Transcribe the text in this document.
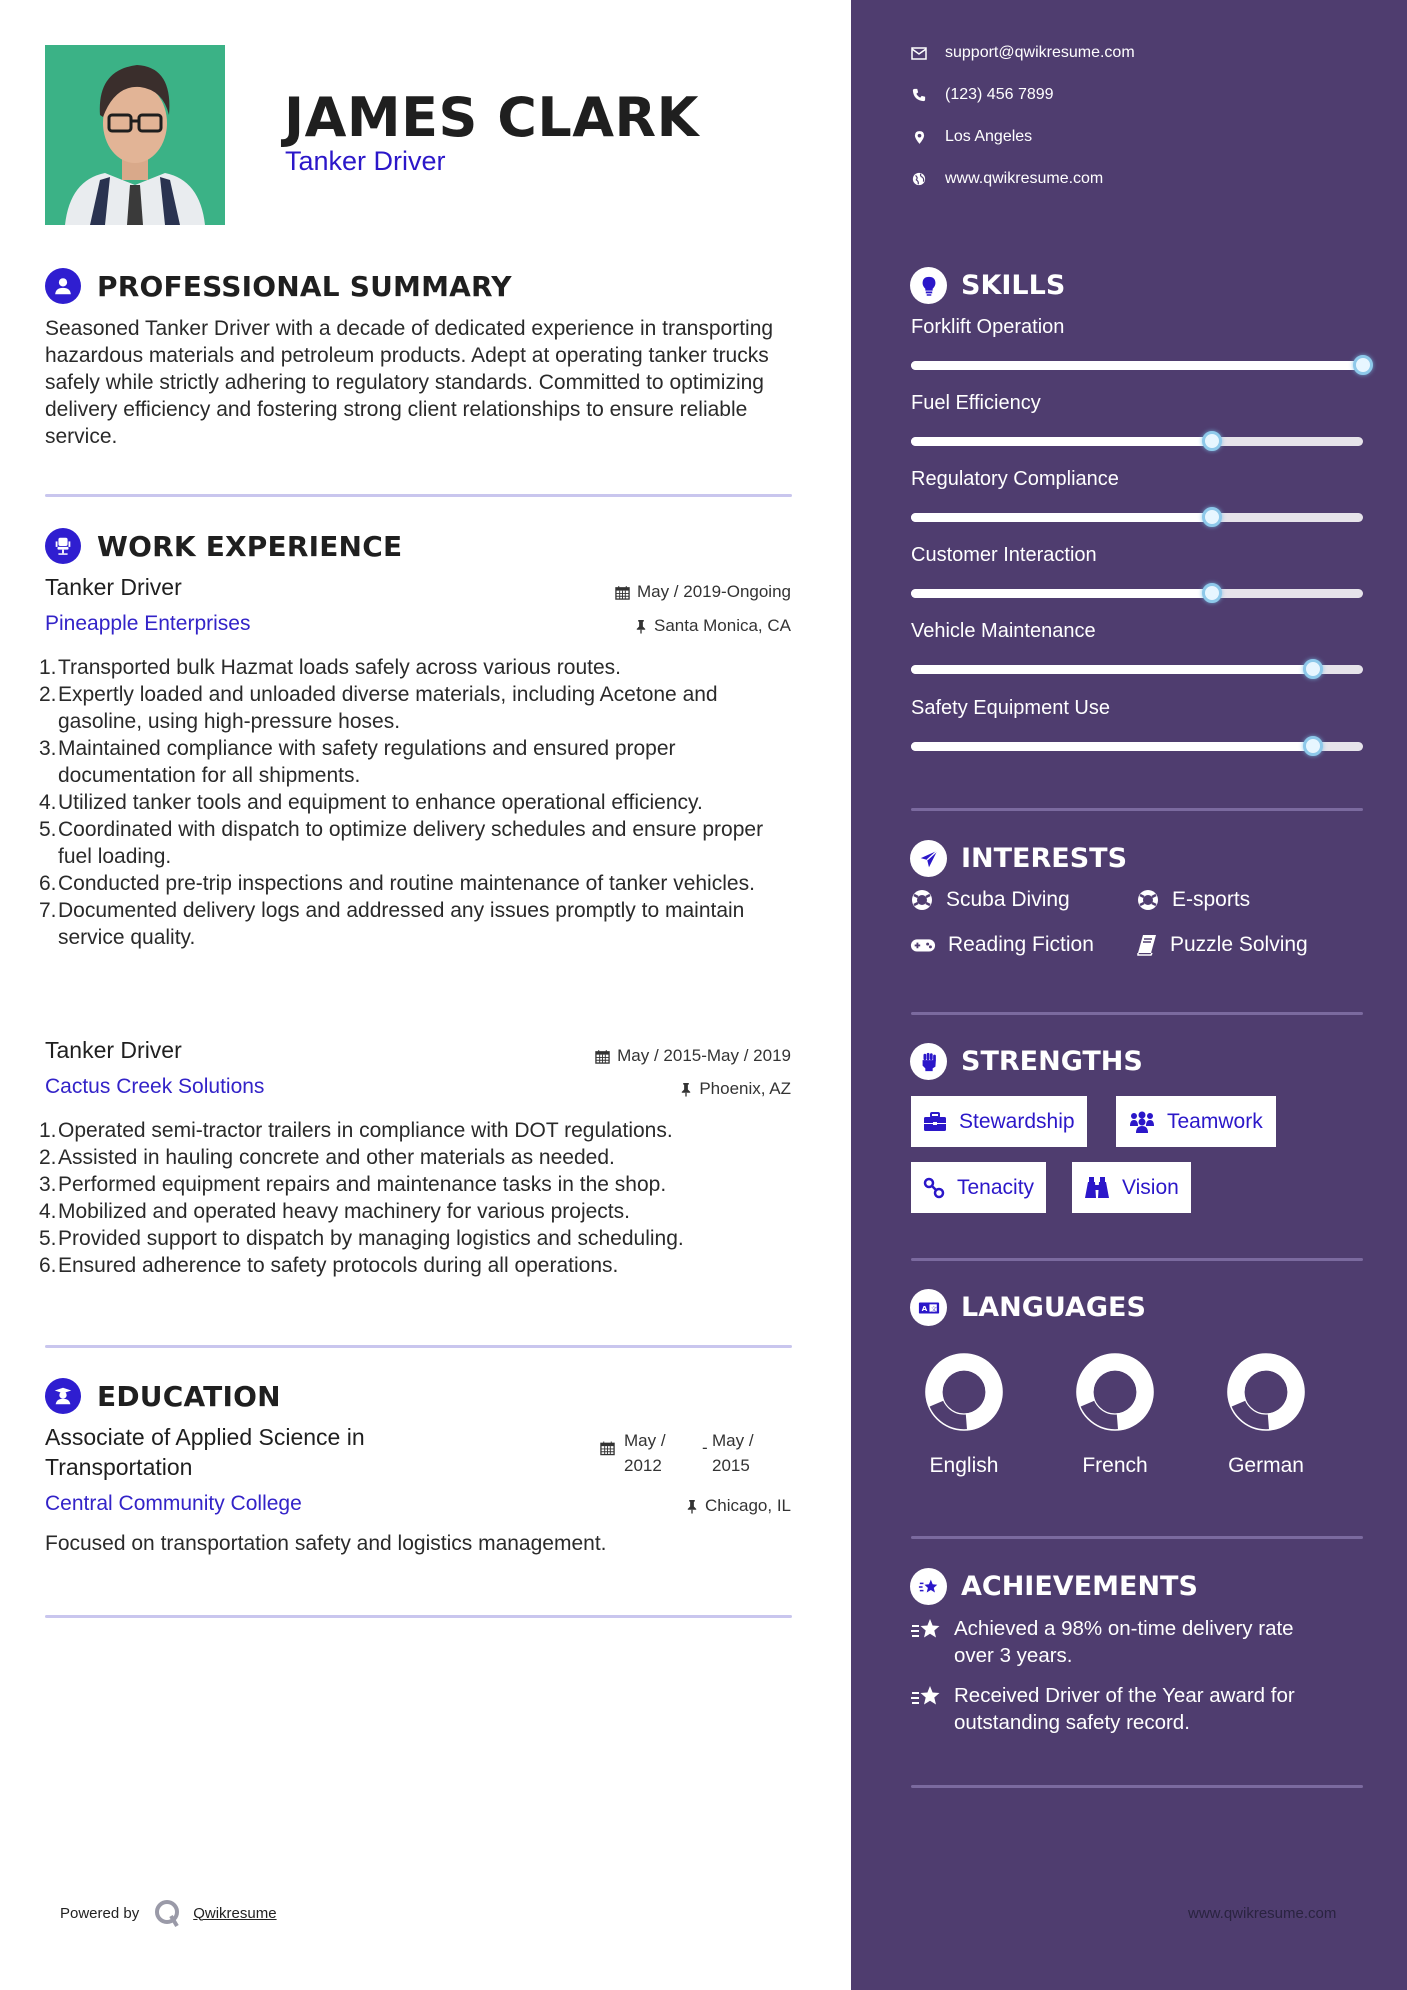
JAMES CLARK
Tanker Driver
PROFESSIONAL SUMMARY
Seasoned Tanker Driver with a decade of dedicated experience in transporting hazardous materials and petroleum products. Adept at operating tanker trucks safely while strictly adhering to regulatory standards. Committed to optimizing delivery efficiency and fostering strong client relationships to ensure reliable service.
WORK EXPERIENCE
Tanker Driver	May / 2019-Ongoing
Pineapple Enterprises	Santa Monica, CA
1. Transported bulk Hazmat loads safely across various routes.
2. Expertly loaded and unloaded diverse materials, including Acetone and gasoline, using high-pressure hoses.
3. Maintained compliance with safety regulations and ensured proper documentation for all shipments.
4. Utilized tanker tools and equipment to enhance operational efficiency.
5. Coordinated with dispatch to optimize delivery schedules and ensure proper fuel loading.
6. Conducted pre-trip inspections and routine maintenance of tanker vehicles.
7. Documented delivery logs and addressed any issues promptly to maintain service quality.
Tanker Driver	May / 2015-May / 2019
Cactus Creek Solutions	Phoenix, AZ
1. Operated semi-tractor trailers in compliance with DOT regulations.
2. Assisted in hauling concrete and other materials as needed.
3. Performed equipment repairs and maintenance tasks in the shop.
4. Mobilized and operated heavy machinery for various projects.
5. Provided support to dispatch by managing logistics and scheduling.
6. Ensured adherence to safety protocols during all operations.
EDUCATION
Associate of Applied Science in
Transportation
May /
2012
- May /
2015
Central Community College	Chicago, IL
Focused on transportation safety and logistics management.
Powered by	Qwikresume
support@qwikresume.com
(123) 456 7899
Los Angeles
www.qwikresume.com
SKILLS
Forklift Operation
Fuel Efficiency
Regulatory Compliance
Customer Interaction
Vehicle Maintenance
Safety Equipment Use
INTERESTS
Scuba Diving	E-sports
Reading Fiction	Puzzle Solving
STRENGTHS
Stewardship	Teamwork
Tenacity	Vision
A 文 LANGUAGES
English	French	German
ACHIEVEMENTS
Achieved a 98% on-time delivery rate
over 3 years.
Received Driver of the Year award for
outstanding safety record.
www.qwikresume.com
